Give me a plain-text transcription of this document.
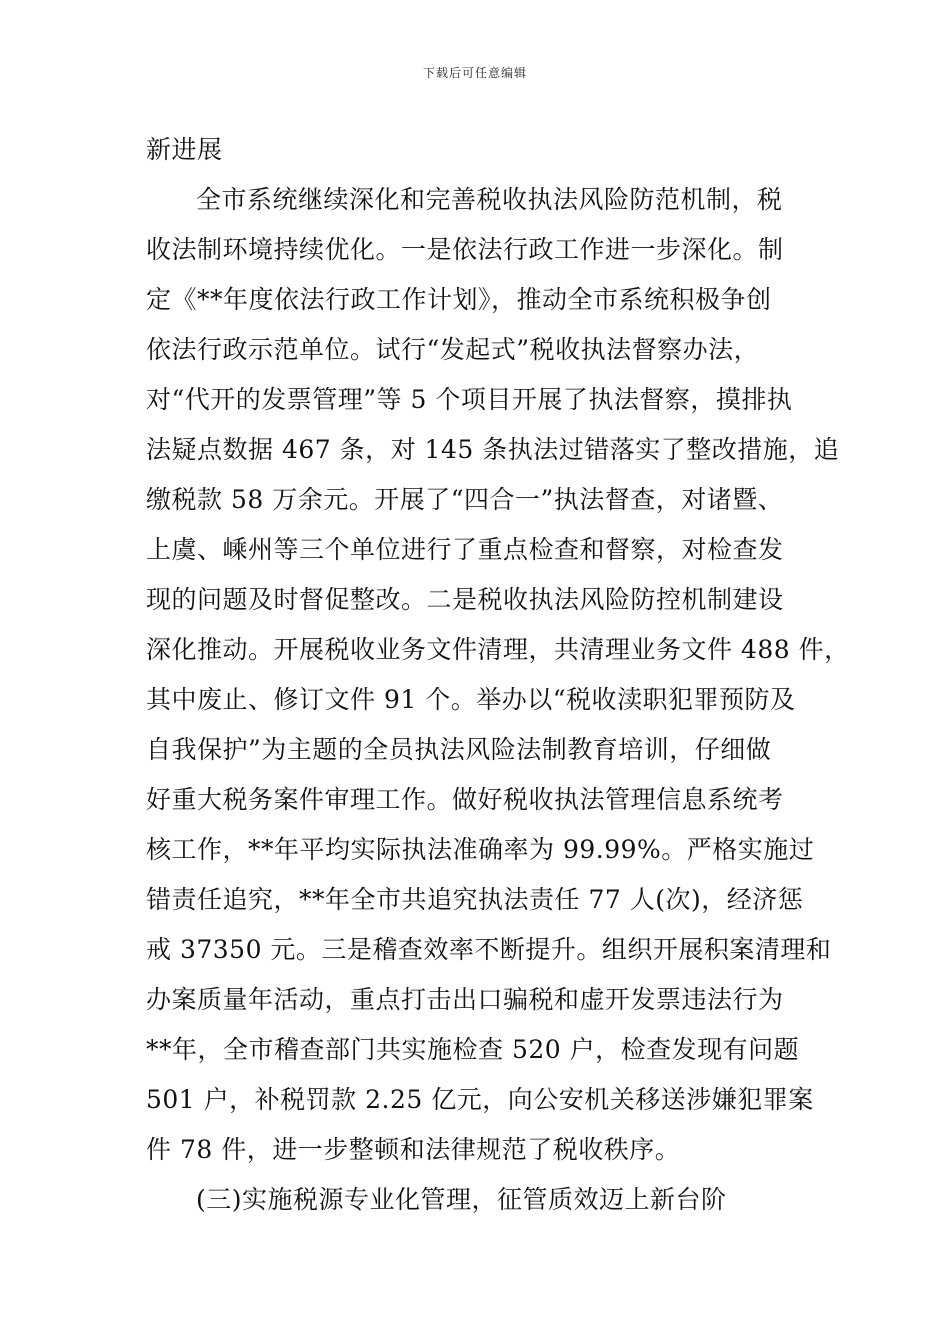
下载后可任意编辑
新进展
全市系统继续深化和完善税收执法风险防范机制，税
收法制环境持续优化。一是依法行政工作进一步深化。制
定《**年度依法行政工作计划》，推动全市系统积极争创
依法行政示范单位。试行“发起式”税收执法督察办法，
对“代开的发票管理”等 5 个项目开展了执法督察，摸排执
法疑点数据 467 条，对 145 条执法过错落实了整改措施，追
缴税款 58 万余元。开展了“四合一”执法督查，对诸暨、
上虞、嵊州等三个单位进行了重点检查和督察，对检查发
现的问题及时督促整改。二是税收执法风险防控机制建设
深化推动。开展税收业务文件清理，共清理业务文件 488 件，
其中废止、修订文件 91 个。举办以“税收渎职犯罪预防及
自我保护”为主题的全员执法风险法制教育培训，仔细做
好重大税务案件审理工作。做好税收执法管理信息系统考
核工作，**年平均实际执法准确率为 99.99%。严格实施过
错责任追究，**年全市共追究执法责任 77 人(次)，经济惩
戒 37350 元。三是稽查效率不断提升。组织开展积案清理和
办案质量年活动，重点打击出口骗税和虚开发票违法行为
**年，全市稽查部门共实施检查 520 户，检查发现有问题
501 户，补税罚款 2.25 亿元，向公安机关移送涉嫌犯罪案
件 78 件，进一步整顿和法律规范了税收秩序。
(三)实施税源专业化管理，征管质效迈上新台阶
